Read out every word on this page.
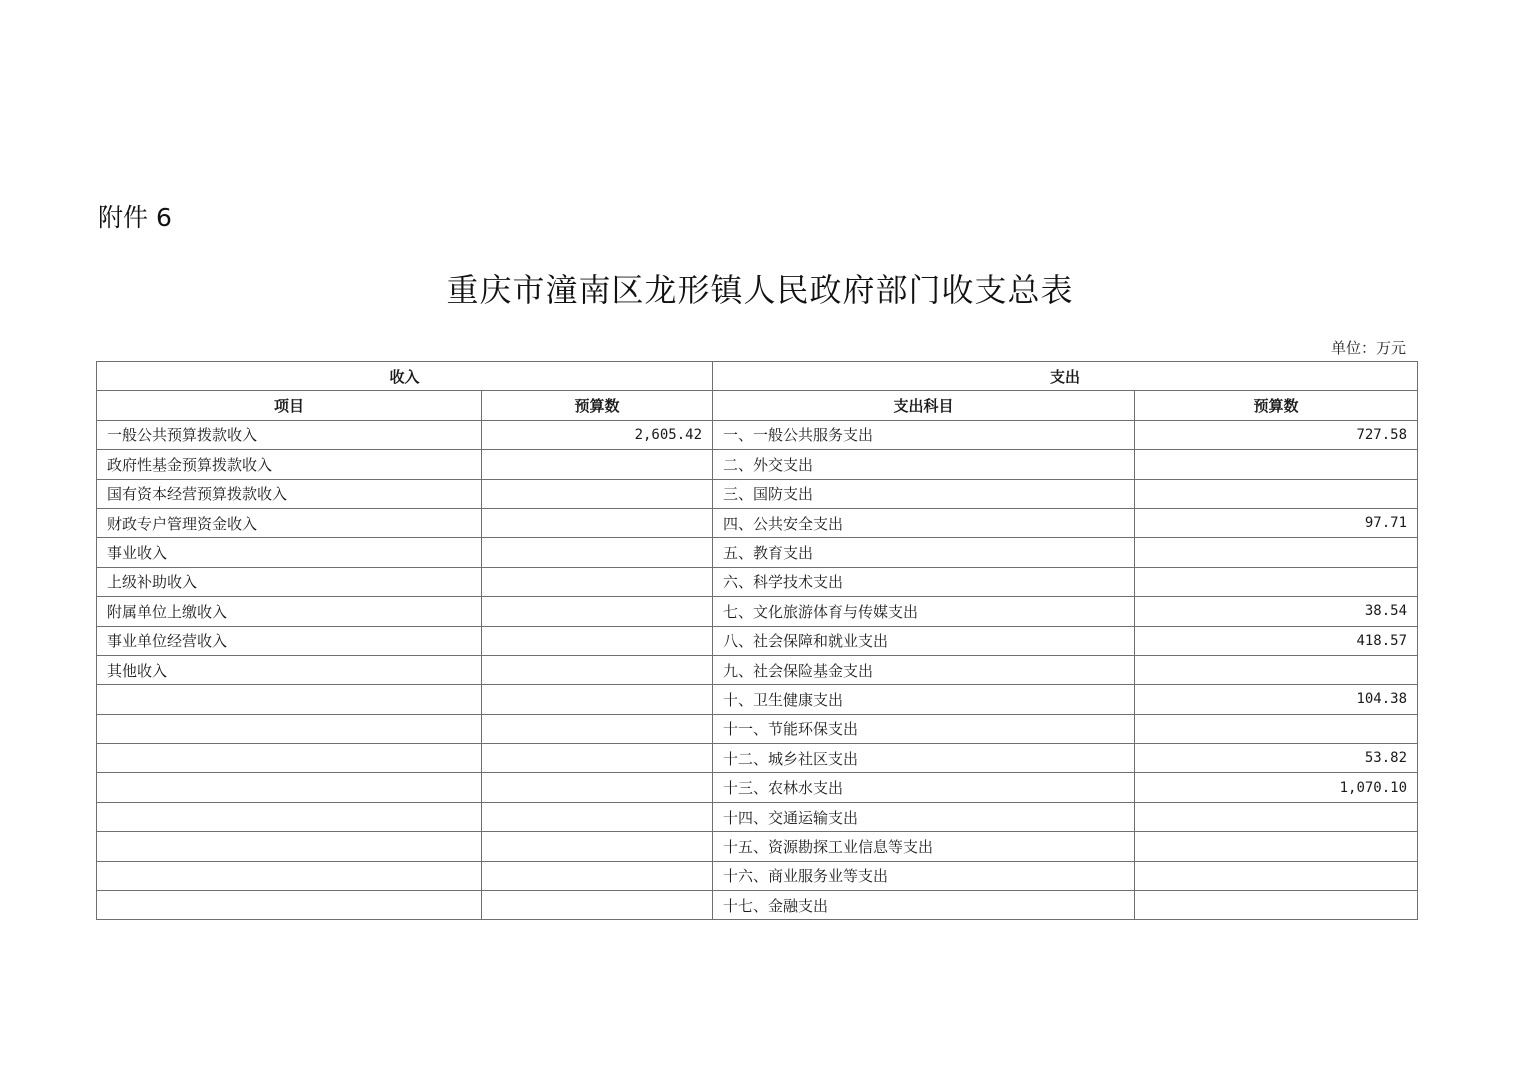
附件 6
重庆市潼南区龙形镇人民政府部门收支总表
单位：万元
收入		支出	
项目	预算数	支出科目	预算数
一般公共预算拨款收入	2,605.42	一、一般公共服务支出	727.58
政府性基金预算拨款收入		二、外交支出	
国有资本经营预算拨款收入		三、国防支出	
财政专户管理资金收入		四、公共安全支出	97.71
事业收入		五、教育支出	
上级补助收入		六、科学技术支出	
附属单位上缴收入		七、文化旅游体育与传媒支出	38.54
事业单位经营收入		八、社会保障和就业支出	418.57
其他收入		九、社会保险基金支出	
		十、卫生健康支出	104.38
		十一、节能环保支出	
		十二、城乡社区支出	53.82
		十三、农林水支出	1,070.10
		十四、交通运输支出	
		十五、资源勘探工业信息等支出	
		十六、商业服务业等支出	
		十七、金融支出	
